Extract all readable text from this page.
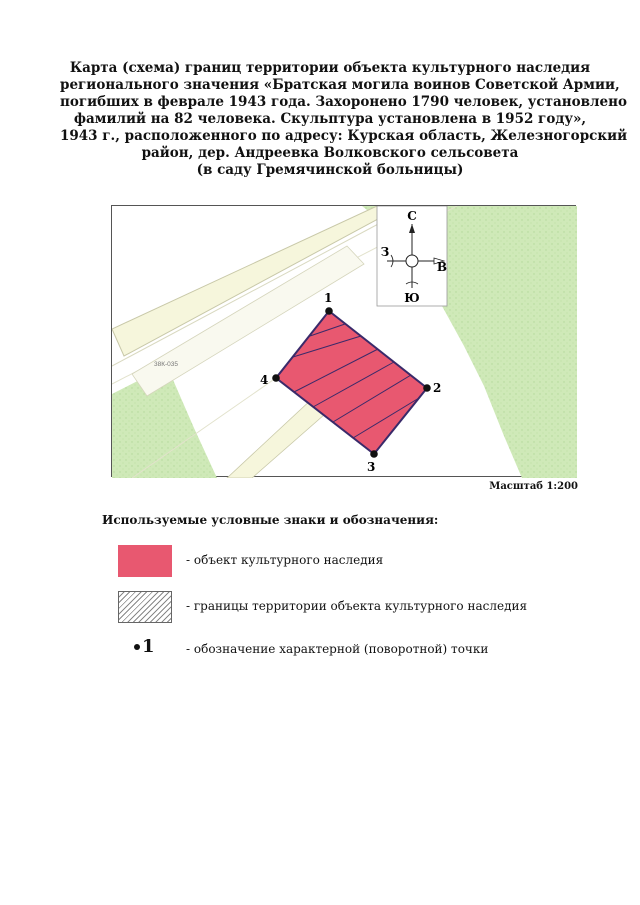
Карта (схема) границ территории объекта культурного наследия
регионального значения «Братская могила воинов Советской Армии,
погибших в феврале 1943 года. Захоронено 1790 человек, установлено
фамилий на 82 человека. Скульптура установлена в 1952 году»,
1943 г., расположенного по адресу: Курская область, Железногорский
район, дер. Андреевка Волковского сельсовета
(в саду Гремячинской больницы)
38К-035
С
Ю
В
З
1
2
3
4
Масштаб 1:200
Используемые условные знаки и обозначения:
- объект культурного наследия
- границы территории объекта культурного наследия
1	- обозначение характерной (поворотной) точки
